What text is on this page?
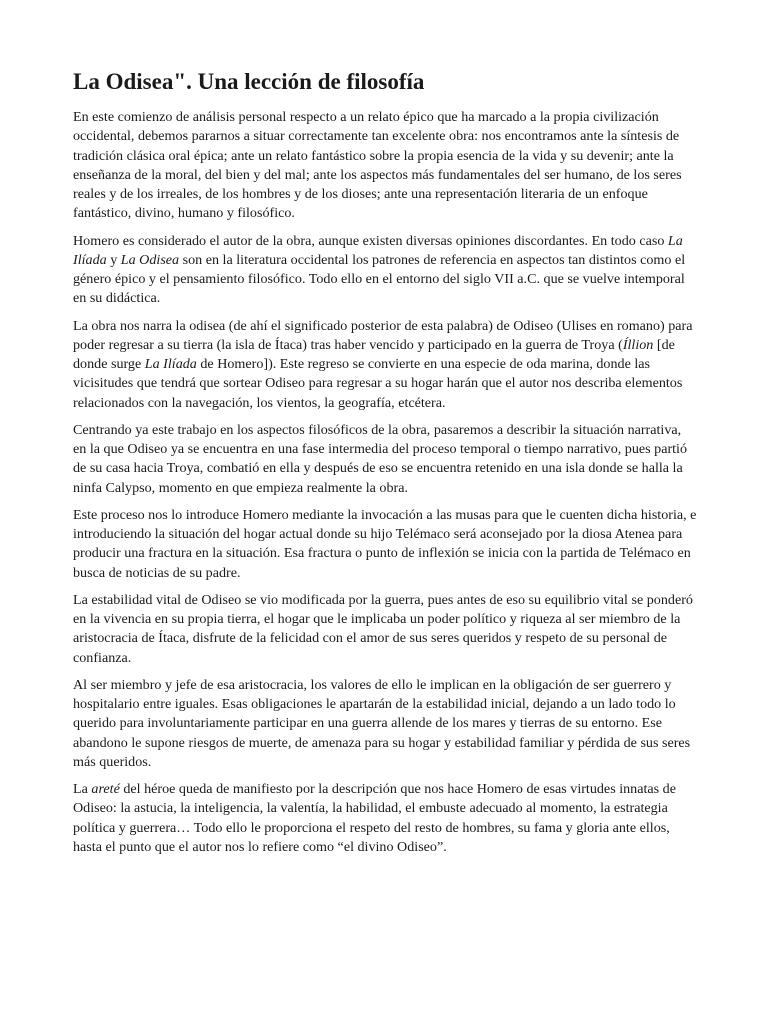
La Odisea". Una lección de filosofía

En este comienzo de análisis personal respecto a un relato épico que ha marcado a la propia civilización occidental, debemos pararnos a situar correctamente tan excelente obra: nos encontramos ante la síntesis de tradición clásica oral épica; ante un relato fantástico sobre la propia esencia de la vida y su devenir; ante la enseñanza de la moral, del bien y del mal; ante los aspectos más fundamentales del ser humano, de los seres reales y de los irreales, de los hombres y de los dioses; ante una representación literaria de un enfoque fantástico, divino, humano y filosófico.

Homero es considerado el autor de la obra, aunque existen diversas opiniones discordantes. En todo caso La Ilíada y La Odisea son en la literatura occidental los patrones de referencia en aspectos tan distintos como el género épico y el pensamiento filosófico. Todo ello en el entorno del siglo VII a.C. que se vuelve intemporal en su didáctica.

La obra nos narra la odisea (de ahí el significado posterior de esta palabra) de Odiseo (Ulises en romano) para poder regresar a su tierra (la isla de Ítaca) tras haber vencido y participado en la guerra de Troya (Íllion [de donde surge La Ilíada de Homero]). Este regreso se convierte en una especie de oda marina, donde las vicisitudes que tendrá que sortear Odiseo para regresar a su hogar harán que el autor nos describa elementos relacionados con la navegación, los vientos, la geografía, etcétera.

Centrando ya este trabajo en los aspectos filosóficos de la obra, pasaremos a describir la situación narrativa, en la que Odiseo ya se encuentra en una fase intermedia del proceso temporal o tiempo narrativo, pues partió de su casa hacia Troya, combatió en ella y después de eso se encuentra retenido en una isla donde se halla la ninfa Calypso, momento en que empieza realmente la obra.

Este proceso nos lo introduce Homero mediante la invocación a las musas para que le cuenten dicha historia, e introduciendo la situación del hogar actual donde su hijo Telémaco será aconsejado por la diosa Atenea para producir una fractura en la situación. Esa fractura o punto de inflexión se inicia con la partida de Telémaco en busca de noticias de su padre.

La estabilidad vital de Odiseo se vio modificada por la guerra, pues antes de eso su equilibrio vital se ponderó en la vivencia en su propia tierra, el hogar que le implicaba un poder político y riqueza al ser miembro de la aristocracia de Ítaca, disfrute de la felicidad con el amor de sus seres queridos y respeto de su personal de confianza.

Al ser miembro y jefe de esa aristocracia, los valores de ello le implican en la obligación de ser guerrero y hospitalario entre iguales. Esas obligaciones le apartarán de la estabilidad inicial, dejando a un lado todo lo querido para involuntariamente participar en una guerra allende de los mares y tierras de su entorno. Ese abandono le supone riesgos de muerte, de amenaza para su hogar y estabilidad familiar y pérdida de sus seres más queridos.

La areté del héroe queda de manifiesto por la descripción que nos hace Homero de esas virtudes innatas de Odiseo: la astucia, la inteligencia, la valentía, la habilidad, el embuste adecuado al momento, la estrategia política y guerrera… Todo ello le proporciona el respeto del resto de hombres, su fama y gloria ante ellos, hasta el punto que el autor nos lo refiere como “el divino Odiseo”.
